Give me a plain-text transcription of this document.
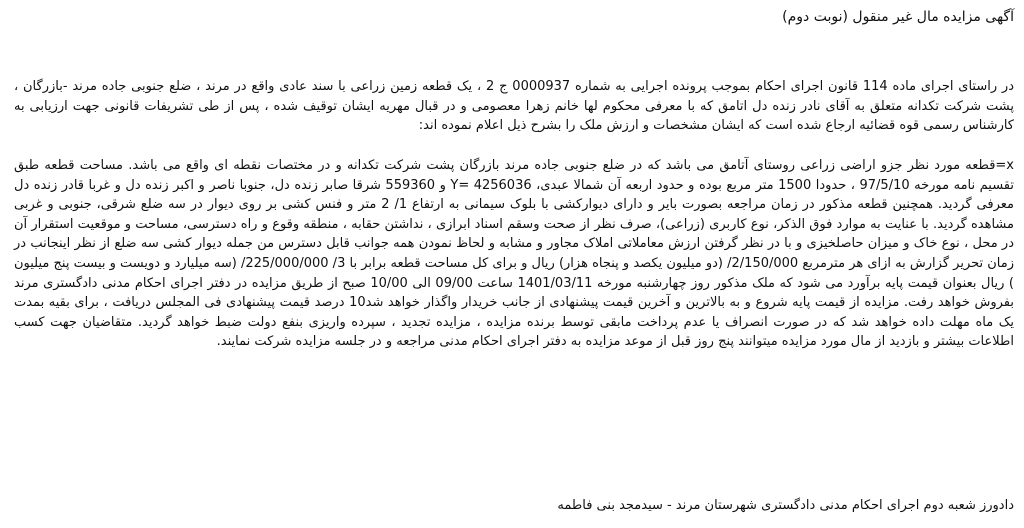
آگهی مزایده مال غیر منقول (نوبت دوم)

در راستای اجرای ماده 114 قانون اجرای احکام بموجب پرونده اجرایی به شماره 0000937 ج 2 ، یک قطعه زمین زراعی با سند عادی واقع در مرند ، ضلع جنوبی جاده مرند -بازرگان ، پشت شرکت تکدانه متعلق به آقای نادر زنده دل اتامق که با معرفی محکوم لها خانم زهرا معصومی و در قبال مهریه ایشان توقیف شده ، پس از طی تشریفات قانونی جهت ارزیابی به کارشناس رسمی قوه قضائیه ارجاع شده است که ایشان مشخصات و ارزش ملک را بشرح ذیل اعلام نموده اند:

x=قطعه مورد نظر جزو اراضی زراعی روستای آتامق می باشد که در ضلع جنوبی جاده مرند بازرگان پشت شرکت تکدانه و در مختصات نقطه ای واقع می باشد. مساحت قطعه طبق تقسیم نامه مورخه 97/5/10 ، حدودا 1500 متر مربع بوده و حدود اربعه آن شمالا عبدی، 4256036 =Y و 559360 شرقا صابر زنده دل، جنوبا ناصر و اکبر زنده دل و غربا قادر زنده دل معرفی گردید. همچنین قطعه مذکور در زمان مراجعه بصورت بایر و دارای دیوارکشی با بلوک سیمانی به ارتفاع 1/ 2 متر و فنس کشی بر روی دیوار در سه ضلع شرقی، جنوبی و غربی مشاهده گردید. با عنایت به موارد فوق الذکر، نوع کاربری (زراعی)، صرف نظر از صحت وسقم اسناد ابرازی ، نداشتن حقابه ، منطقه وقوع و راه دسترسی، مساحت و موقعیت استقرار آن در محل ، نوع خاک و میزان حاصلخیزی و با در نظر گرفتن ارزش معاملاتی املاک مجاور و مشابه و لحاظ نمودن همه جوانب قابل دسترس من جمله دیوار کشی سه ضلع از نظر اینجانب در زمان تحریر گزارش به ازای هر مترمربع 2/150/000/ (دو میلیون یکصد و پنجاه هزار) ریال و برای کل مساحت قطعه برابر با 3/ 225/000/000/ (سه میلیارد و دویست و بیست پنج میلیون ) ریال بعنوان قیمت پایه برآورد می شود که ملک مذکور روز چهارشنبه مورخه 1401/03/11 ساعت 09/00 الی 10/00 صبح از طریق مزایده در دفتر اجرای احکام مدنی دادگستری مرند بفروش خواهد رفت. مزایده از قیمت پایه شروع و به بالاترین و آخرین قیمت پیشنهادی از جانب خریدار واگذار خواهد شد10 درصد قیمت پیشنهادی فی المجلس دریافت ، برای بقیه بمدت یک ماه مهلت داده خواهد شد که در صورت انصراف یا عدم پرداخت مابقی توسط برنده مزایده ، مزایده تجدید ، سپرده واریزی بنفع دولت ضبط خواهد گردید. متقاضیان جهت کسب اطلاعات بیشتر و بازدید از مال مورد مزایده میتوانند پنج روز قبل از موعد مزایده به دفتر اجرای احکام مدنی مراجعه و در جلسه مزایده شرکت نمایند.

دادورز شعبه دوم اجرای احکام مدنی دادگستری شهرستان مرند - سیدمجد بنی فاطمه
